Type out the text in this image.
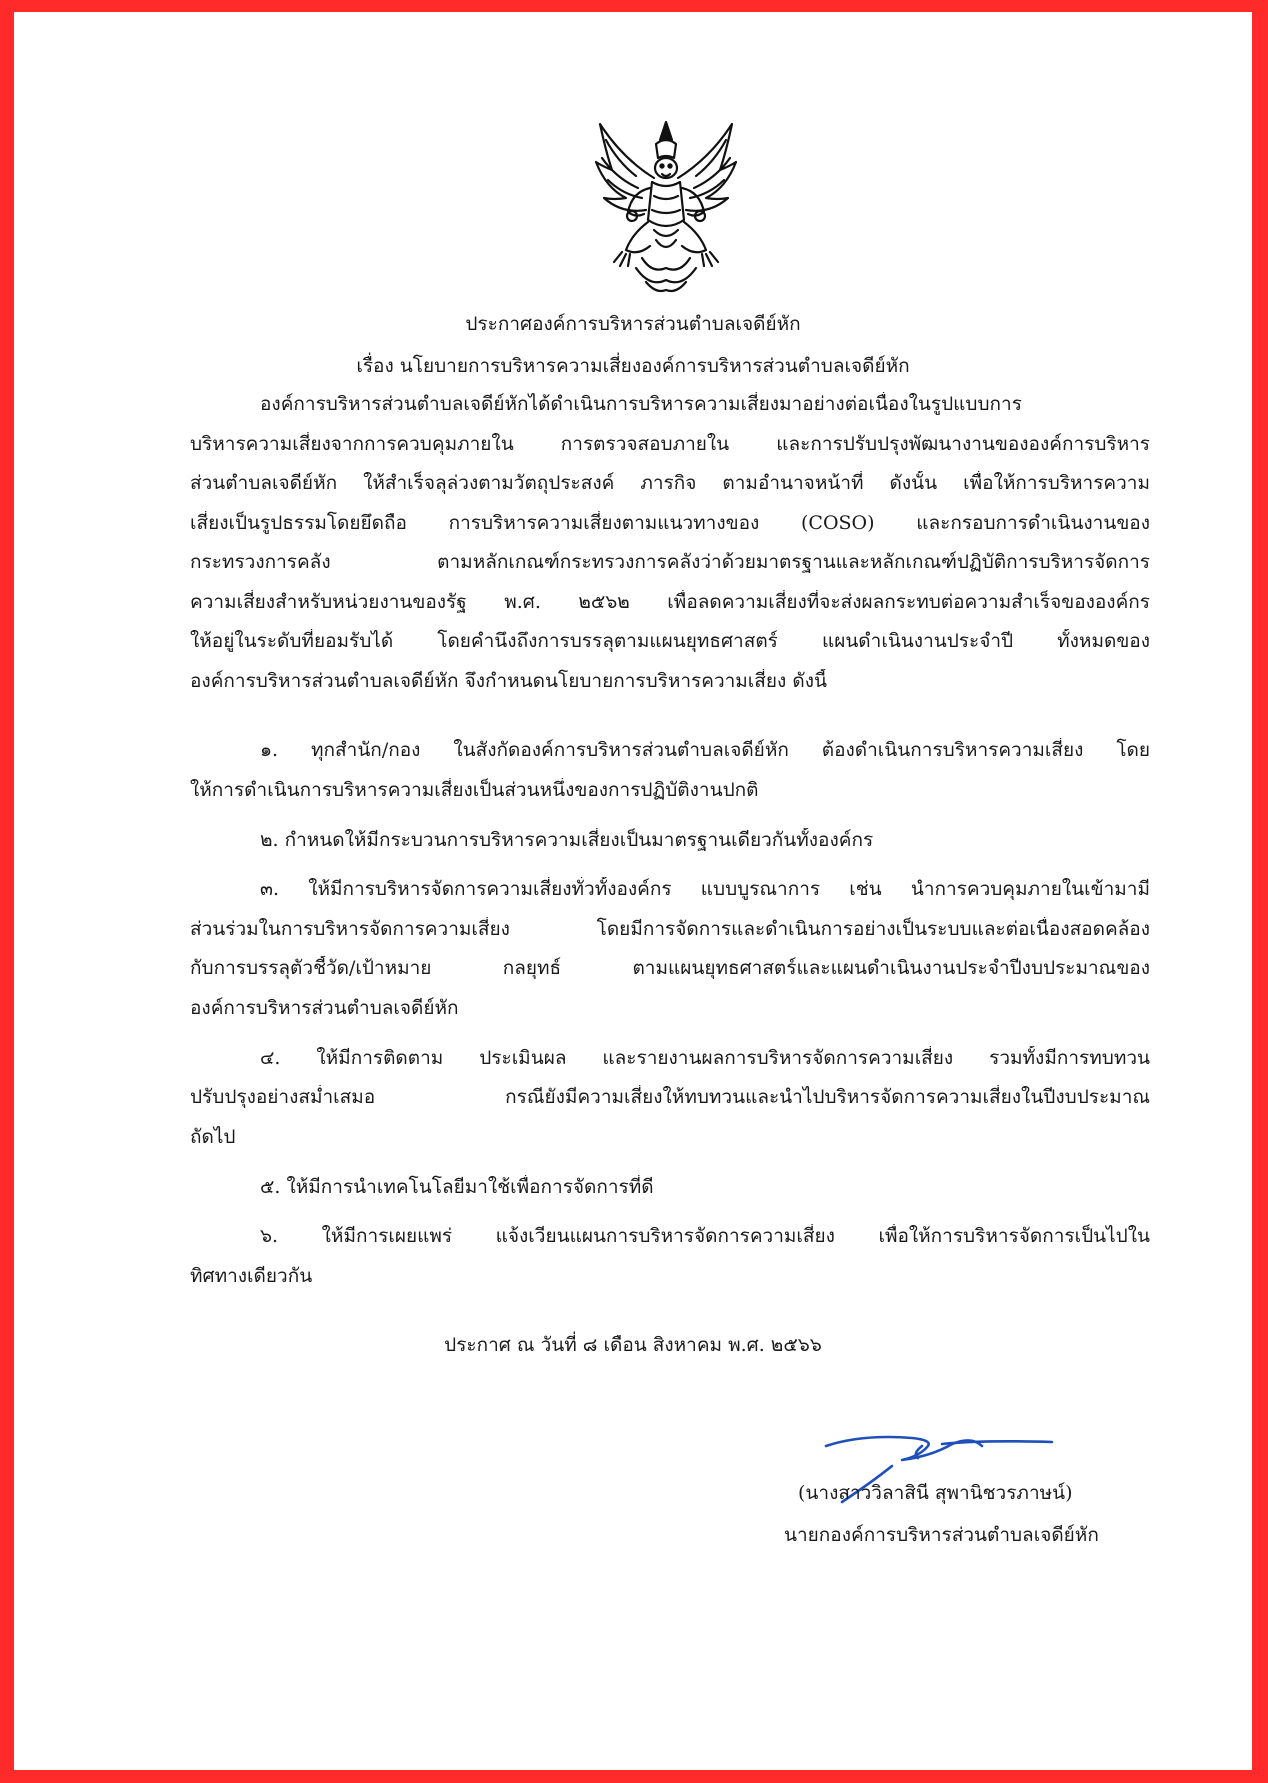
ประกาศองค์การบริหารส่วนตำบลเจดีย์หัก
เรื่อง นโยบายการบริหารความเสี่ยงองค์การบริหารส่วนตำบลเจดีย์หัก
องค์การบริหารส่วนตำบลเจดีย์หักได้ดำเนินการบริหารความเสี่ยงมาอย่างต่อเนื่องในรูปแบบการ
บริหารความเสี่ยงจากการควบคุมภายใน การตรวจสอบภายใน และการปรับปรุงพัฒนางานขององค์การบริหาร
ส่วนตำบลเจดีย์หัก ให้สำเร็จลุล่วงตามวัตถุประสงค์ ภารกิจ ตามอำนาจหน้าที่ ดังนั้น เพื่อให้การบริหารความ
เสี่ยงเป็นรูปธรรมโดยยึดถือ การบริหารความเสี่ยงตามแนวทางของ (COSO) และกรอบการดำเนินงานของ
กระทรวงการคลัง ตามหลักเกณฑ์กระทรวงการคลังว่าด้วยมาตรฐานและหลักเกณฑ์ปฏิบัติการบริหารจัดการ
ความเสี่ยงสำหรับหน่วยงานของรัฐ พ.ศ. ๒๕๖๒ เพื่อลดความเสี่ยงที่จะส่งผลกระทบต่อความสำเร็จขององค์กร
ให้อยู่ในระดับที่ยอมรับได้ โดยคำนึงถึงการบรรลุตามแผนยุทธศาสตร์ แผนดำเนินงานประจำปี ทั้งหมดของ
องค์การบริหารส่วนตำบลเจดีย์หัก จึงกำหนดนโยบายการบริหารความเสี่ยง ดังนี้
๑. ทุกสำนัก/กอง ในสังกัดองค์การบริหารส่วนตำบลเจดีย์หัก ต้องดำเนินการบริหารความเสี่ยง โดย
ให้การดำเนินการบริหารความเสี่ยงเป็นส่วนหนึ่งของการปฏิบัติงานปกติ
๒. กำหนดให้มีกระบวนการบริหารความเสี่ยงเป็นมาตรฐานเดียวกันทั้งองค์กร
๓. ให้มีการบริหารจัดการความเสี่ยงทั่วทั้งองค์กร แบบบูรณาการ เช่น นำการควบคุมภายในเข้ามามี
ส่วนร่วมในการบริหารจัดการความเสี่ยง โดยมีการจัดการและดำเนินการอย่างเป็นระบบและต่อเนื่องสอดคล้อง
กับการบรรลุตัวชี้วัด/เป้าหมาย กลยุทธ์ ตามแผนยุทธศาสตร์และแผนดำเนินงานประจำปีงบประมาณของ
องค์การบริหารส่วนตำบลเจดีย์หัก
๔. ให้มีการติดตาม ประเมินผล และรายงานผลการบริหารจัดการความเสี่ยง รวมทั้งมีการทบทวน
ปรับปรุงอย่างสม่ำเสมอ กรณียังมีความเสี่ยงให้ทบทวนและนำไปบริหารจัดการความเสี่ยงในปีงบประมาณ
ถัดไป
๕. ให้มีการนำเทคโนโลยีมาใช้เพื่อการจัดการที่ดี
๖. ให้มีการเผยแพร่ แจ้งเวียนแผนการบริหารจัดการความเสี่ยง เพื่อให้การบริหารจัดการเป็นไปใน
ทิศทางเดียวกัน
ประกาศ ณ วันที่ ๘ เดือน สิงหาคม พ.ศ. ๒๕๖๖
(นางสาววิลาสินี สุพานิชวรภาษน์)
นายกองค์การบริหารส่วนตำบลเจดีย์หัก
